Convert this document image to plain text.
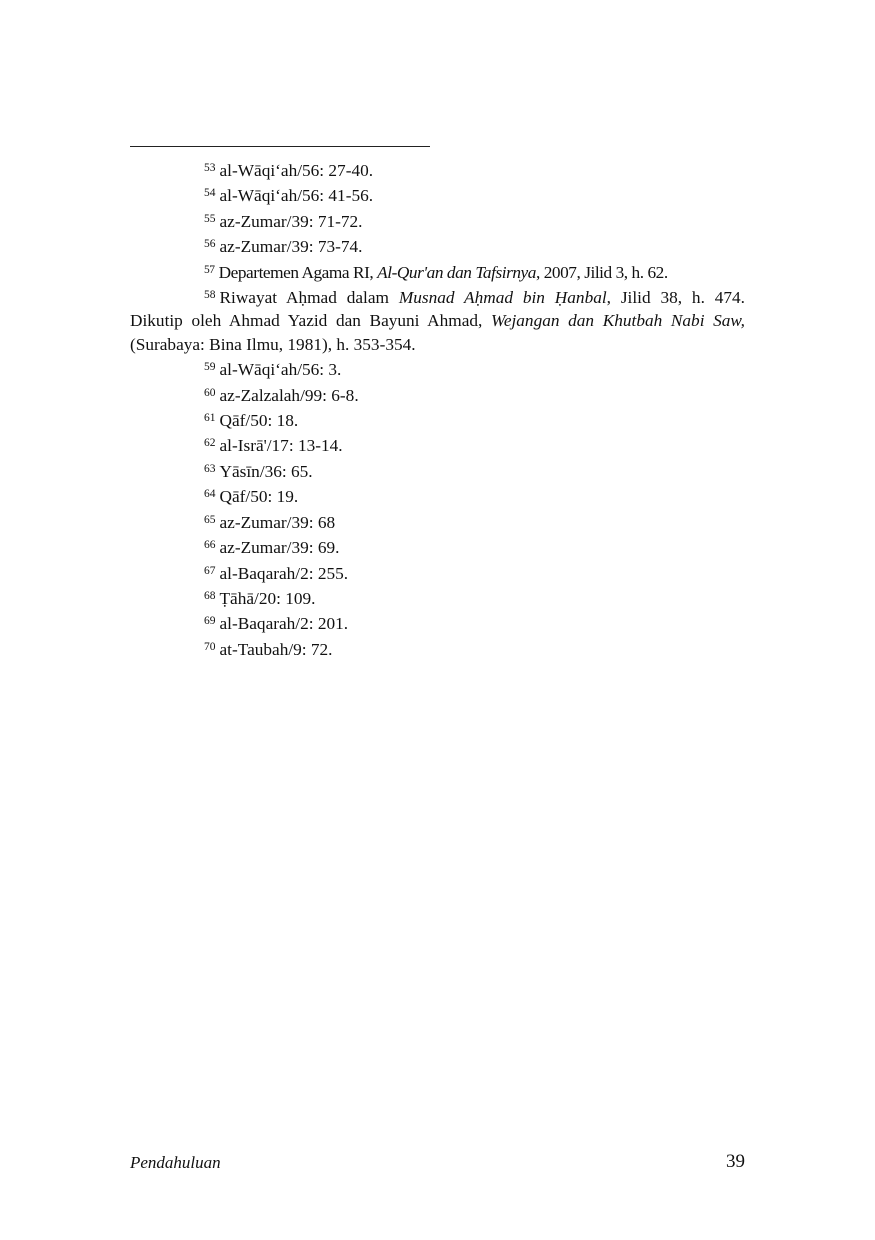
$^{53}$ al-Wāqi‘ah/56: 27-40.

$^{54}$ al-Wāqi‘ah/56: 41-56.

$^{55}$ az-Zumar/39: 71-72.

$^{56}$ az-Zumar/39: 73-74.

$^{57}$ Departemen Agama RI, Al-Qur'an dan Tafsirnya, 2007, Jilid 3, h. 62.

$^{58}$ Riwayat Aḥmad dalam Musnad Aḥmad bin Ḥanbal, Jilid 38, h. 474. Dikutip oleh Ahmad Yazid dan Bayuni Ahmad, Wejangan dan Khutbah Nabi Saw, (Surabaya: Bina Ilmu, 1981), h. 353-354.

$^{59}$ al-Wāqi‘ah/56: 3.

$^{60}$ az-Zalzalah/99: 6-8.

$^{61}$ Qāf/50: 18.

$^{62}$ al-Isrā'/17: 13-14.

$^{63}$ Yāsīn/36: 65.

$^{64}$ Qāf/50: 19.

$^{65}$ az-Zumar/39: 68

$^{66}$ az-Zumar/39: 69.

$^{67}$ al-Baqarah/2: 255.

$^{68}$ Ṭāhā/20: 109.

$^{69}$ al-Baqarah/2: 201.

$^{70}$ at-Taubah/9: 72.

Pendahuluan	39
